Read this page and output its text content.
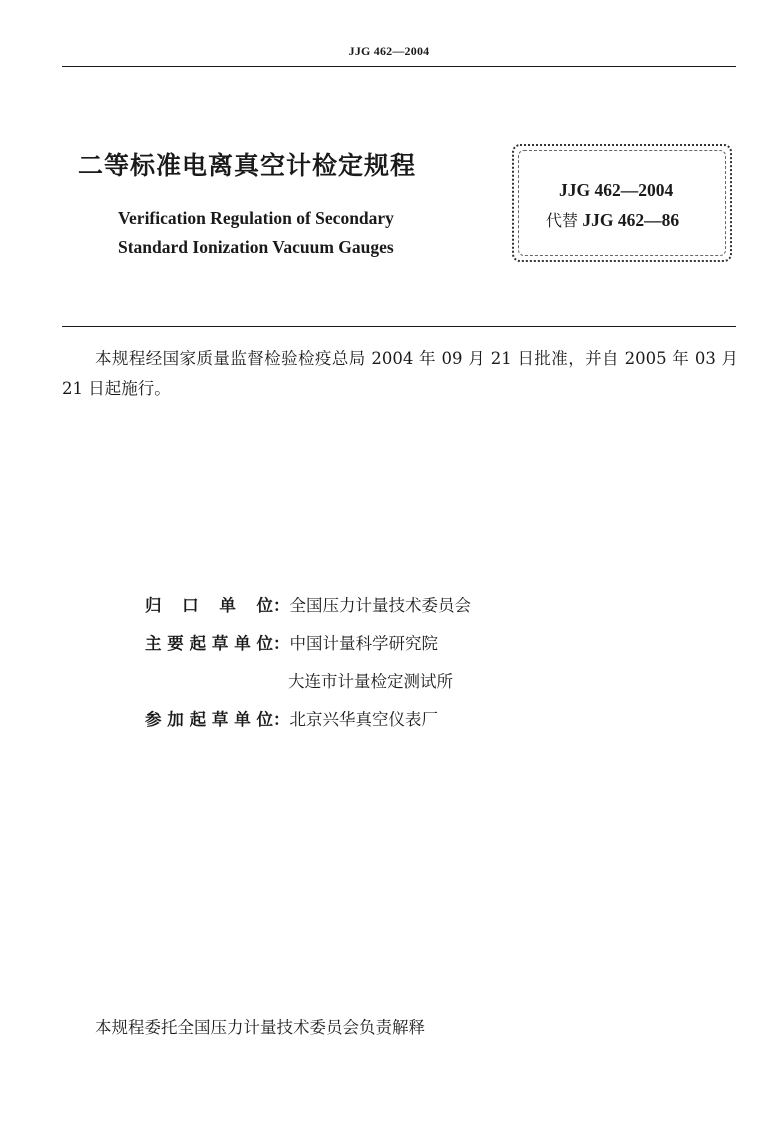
JJG 462—2004
二等标准电离真空计检定规程
Verification Regulation of Secondary
Standard Ionization Vacuum Gauges
JJG 462—2004
代替 JJG 462—86
本规程经国家质量监督检验检疫总局 2004 年 09 月 21 日批准，并自 2005 年 03 月 21 日起施行。
归 口 单 位：全国压力计量技术委员会
主要起草单位：中国计量科学研究院
大连市计量检定测试所
参加起草单位：北京兴华真空仪表厂
本规程委托全国压力计量技术委员会负责解释
